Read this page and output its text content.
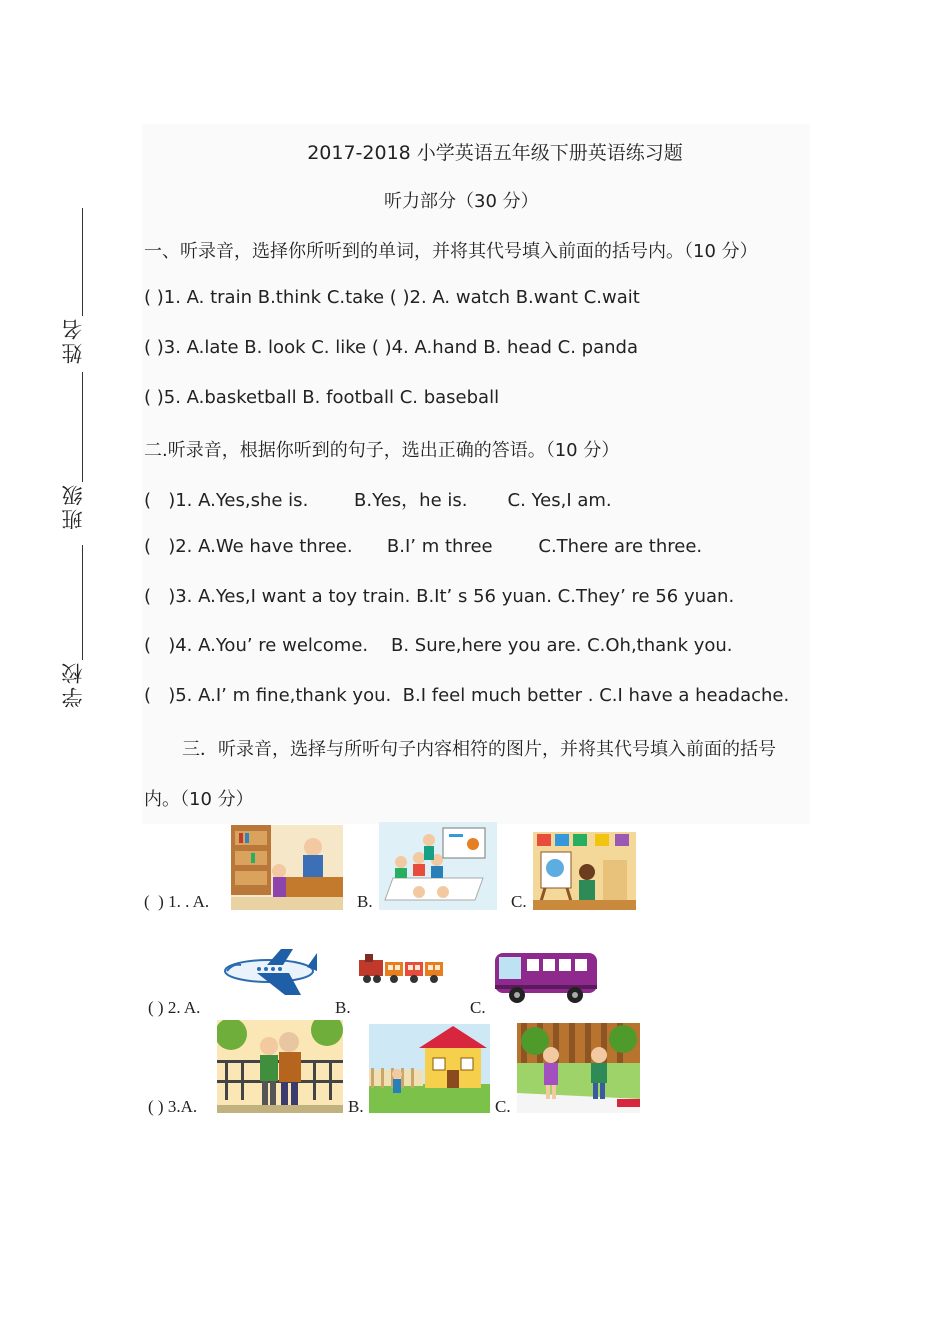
姓名
班级
学校
2017-2018 小学英语五年级下册英语练习题
听力部分（30 分）
一、听录音，选择你所听到的单词，并将其代号填入前面的括号内。（10 分）
( )1. A. train B.think C.take ( )2. A. watch B.want C.wait
( )3. A.late B. look C. like ( )4. A.hand B. head C. panda
( )5. A.basketball B. football C. baseball
二.听录音，根据你听到的句子，选出正确的答语。（10 分）
(   )1. A.Yes,she is.        B.Yes，he is.       C. Yes,I am.
(   )2. A.We have three.      B.I’ m three        C.There are three.
(   )3. A.Yes,I want a toy train. B.It’ s 56 yuan. C.They’ re 56 yuan.
(   )4. A.You’ re welcome.    B. Sure,here you are. C.Oh,thank you.
(   )5. A.I’ m fine,thank you.  B.I feel much better . C.I have a headache.
三．听录音，选择与所听句子内容相符的图片，并将其代号填入前面的括号
内。（10 分）
(  ) 1. . A.	B.	C.
( ) 2. A.	B.	C.
( ) 3.A.	B.	C.
